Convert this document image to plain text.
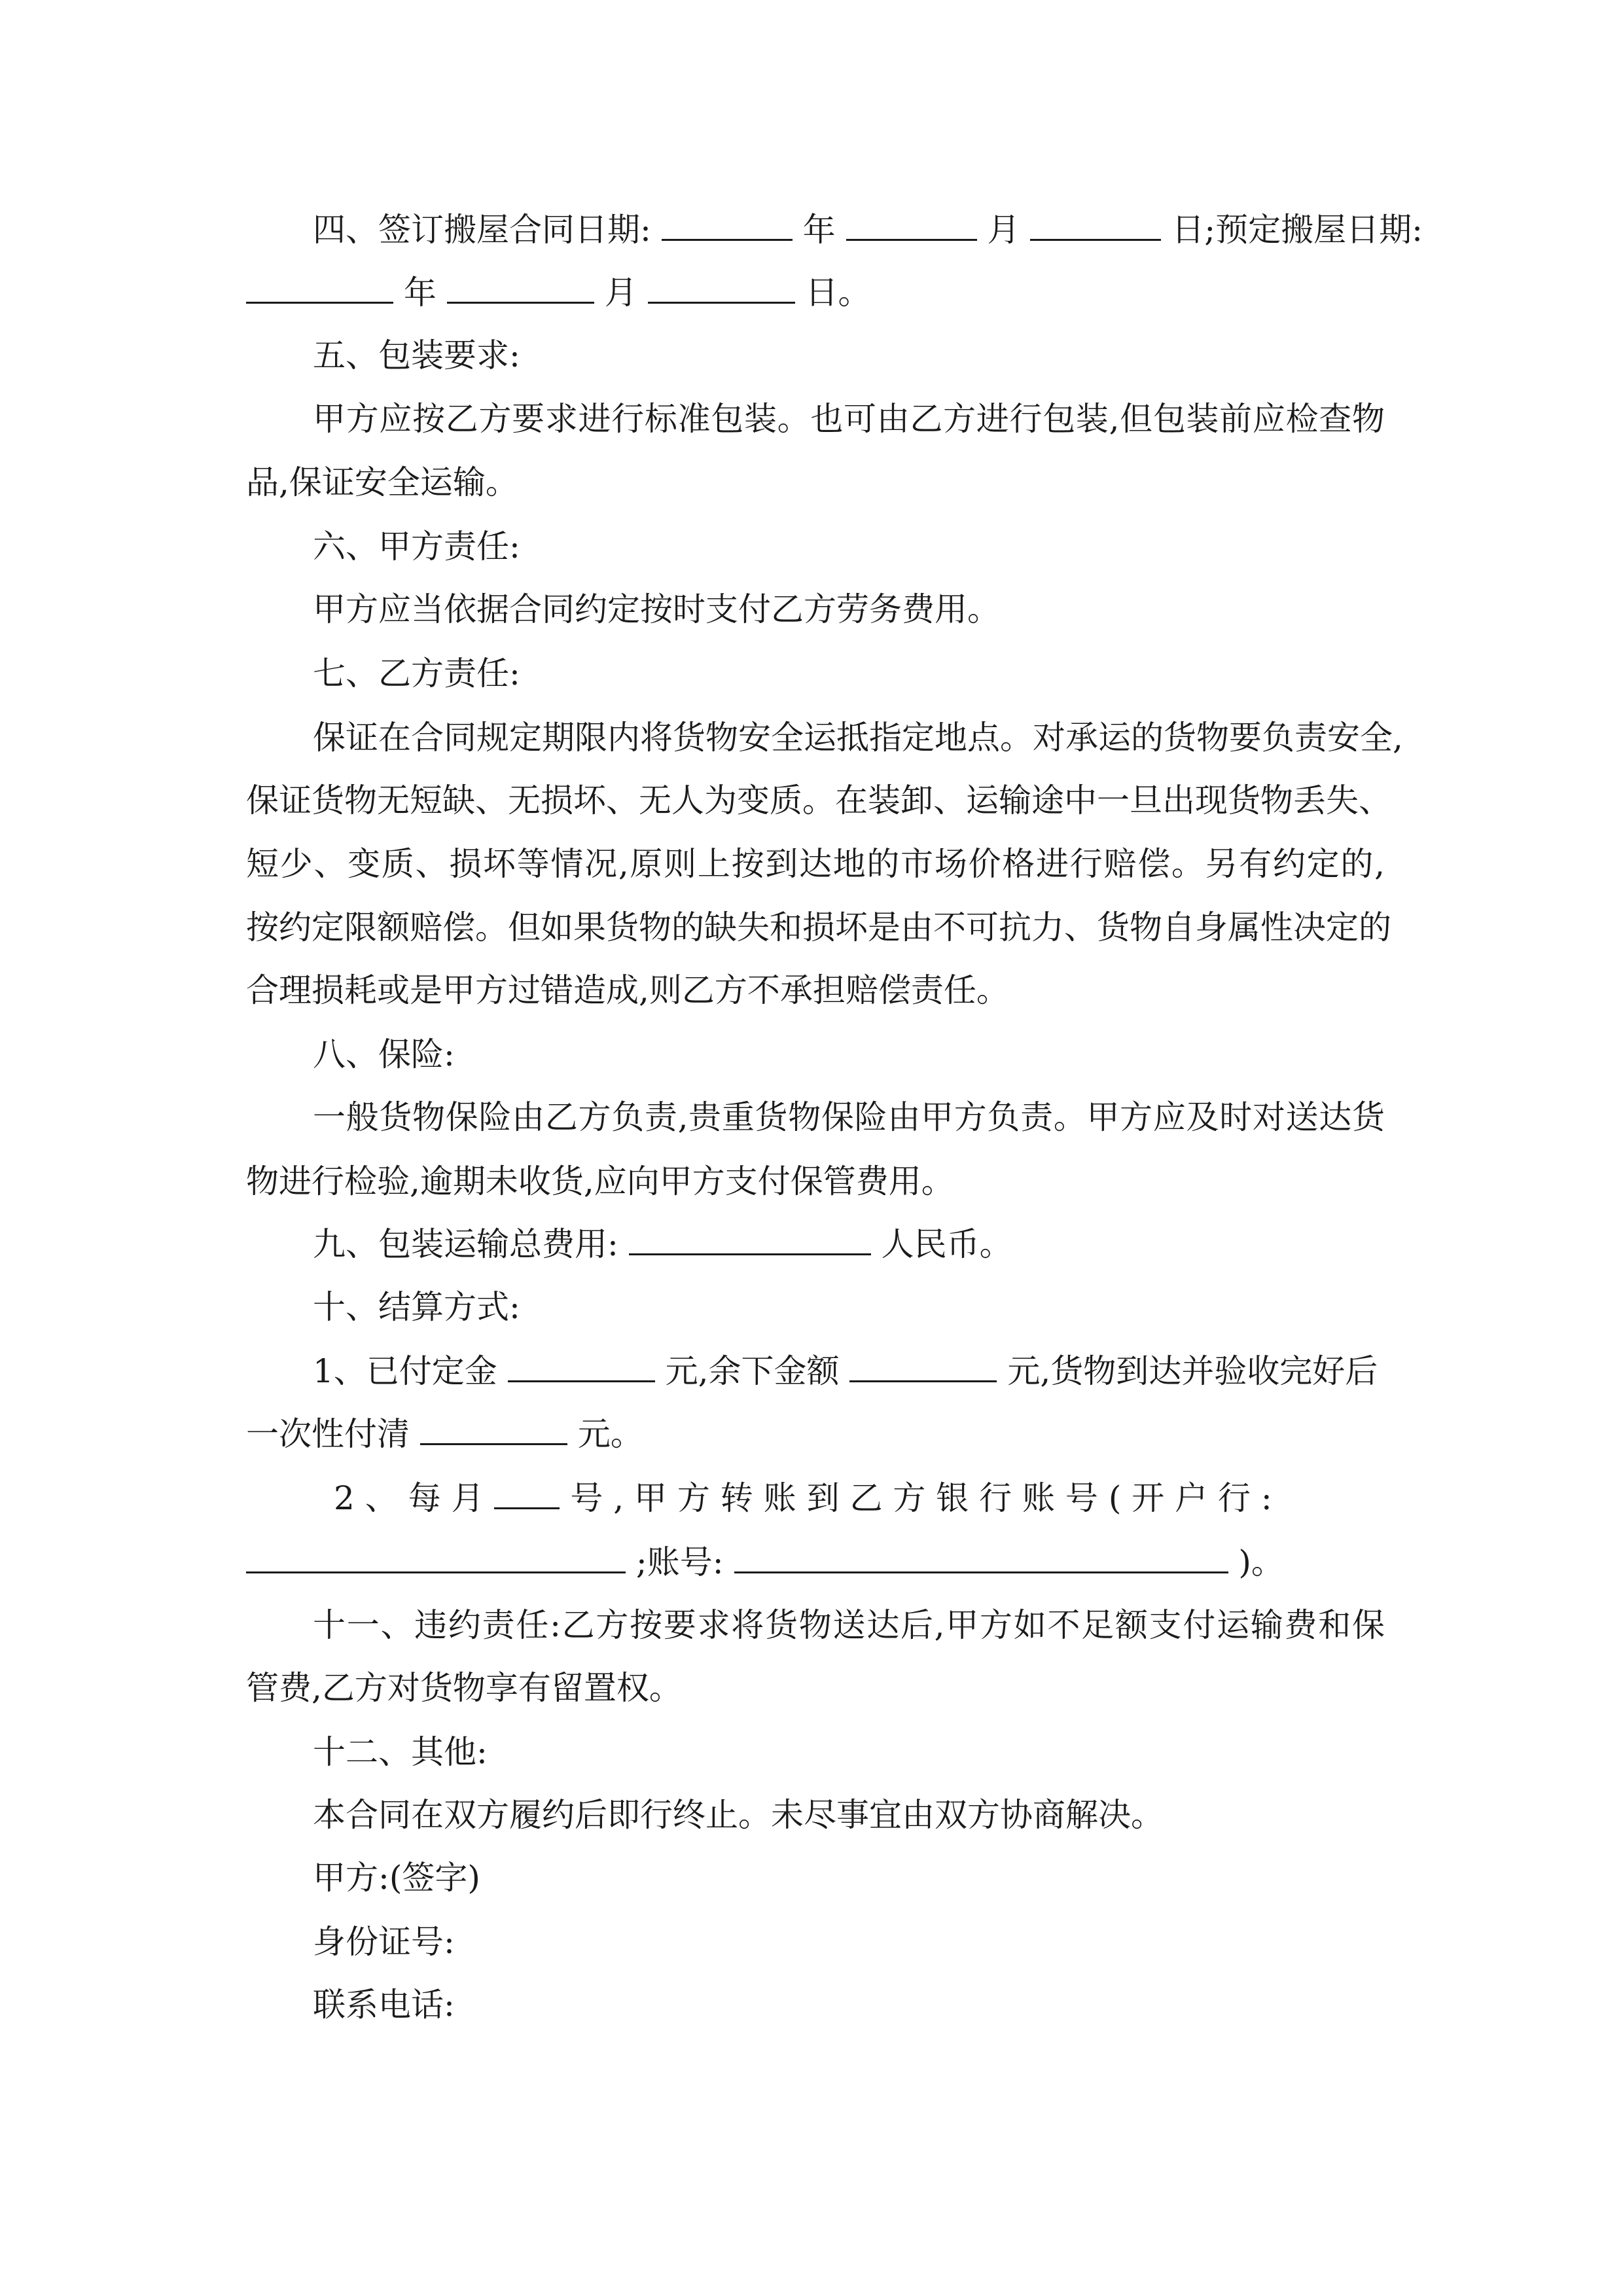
四、签订搬屋合同日期:	年	月	日;预定搬屋日期:
年	月	日。
五、包装要求:
甲方应按乙方要求进行标准包装。也可由乙方进行包装,但包装前应检查物
品,保证安全运输。
六、甲方责任:
甲方应当依据合同约定按时支付乙方劳务费用。
七、乙方责任:
保证在合同规定期限内将货物安全运抵指定地点。对承运的货物要负责安全,
保证货物无短缺、无损坏、无人为变质。在装卸、运输途中一旦出现货物丢失、
短少、变质、损坏等情况,原则上按到达地的市场价格进行赔偿。另有约定的,
按约定限额赔偿。但如果货物的缺失和损坏是由不可抗力、货物自身属性决定的
合理损耗或是甲方过错造成,则乙方不承担赔偿责任。
八、保险:
一般货物保险由乙方负责,贵重货物保险由甲方负责。甲方应及时对送达货
物进行检验,逾期未收货,应向甲方支付保管费用。
九、包装运输总费用:	人民币。
十、结算方式:
1、已付定金	元,余下金额	元,货物到达并验收完好后
一次性付清	元。
2 、 每 月	号 , 甲 方 转 账 到 乙 方 银 行 账 号 ( 开 户 行 :
;账号:	)。
十一、违约责任:乙方按要求将货物送达后,甲方如不足额支付运输费和保
管费,乙方对货物享有留置权。
十二、其他:
本合同在双方履约后即行终止。未尽事宜由双方协商解决。
甲方:(签字)
身份证号:
联系电话:
